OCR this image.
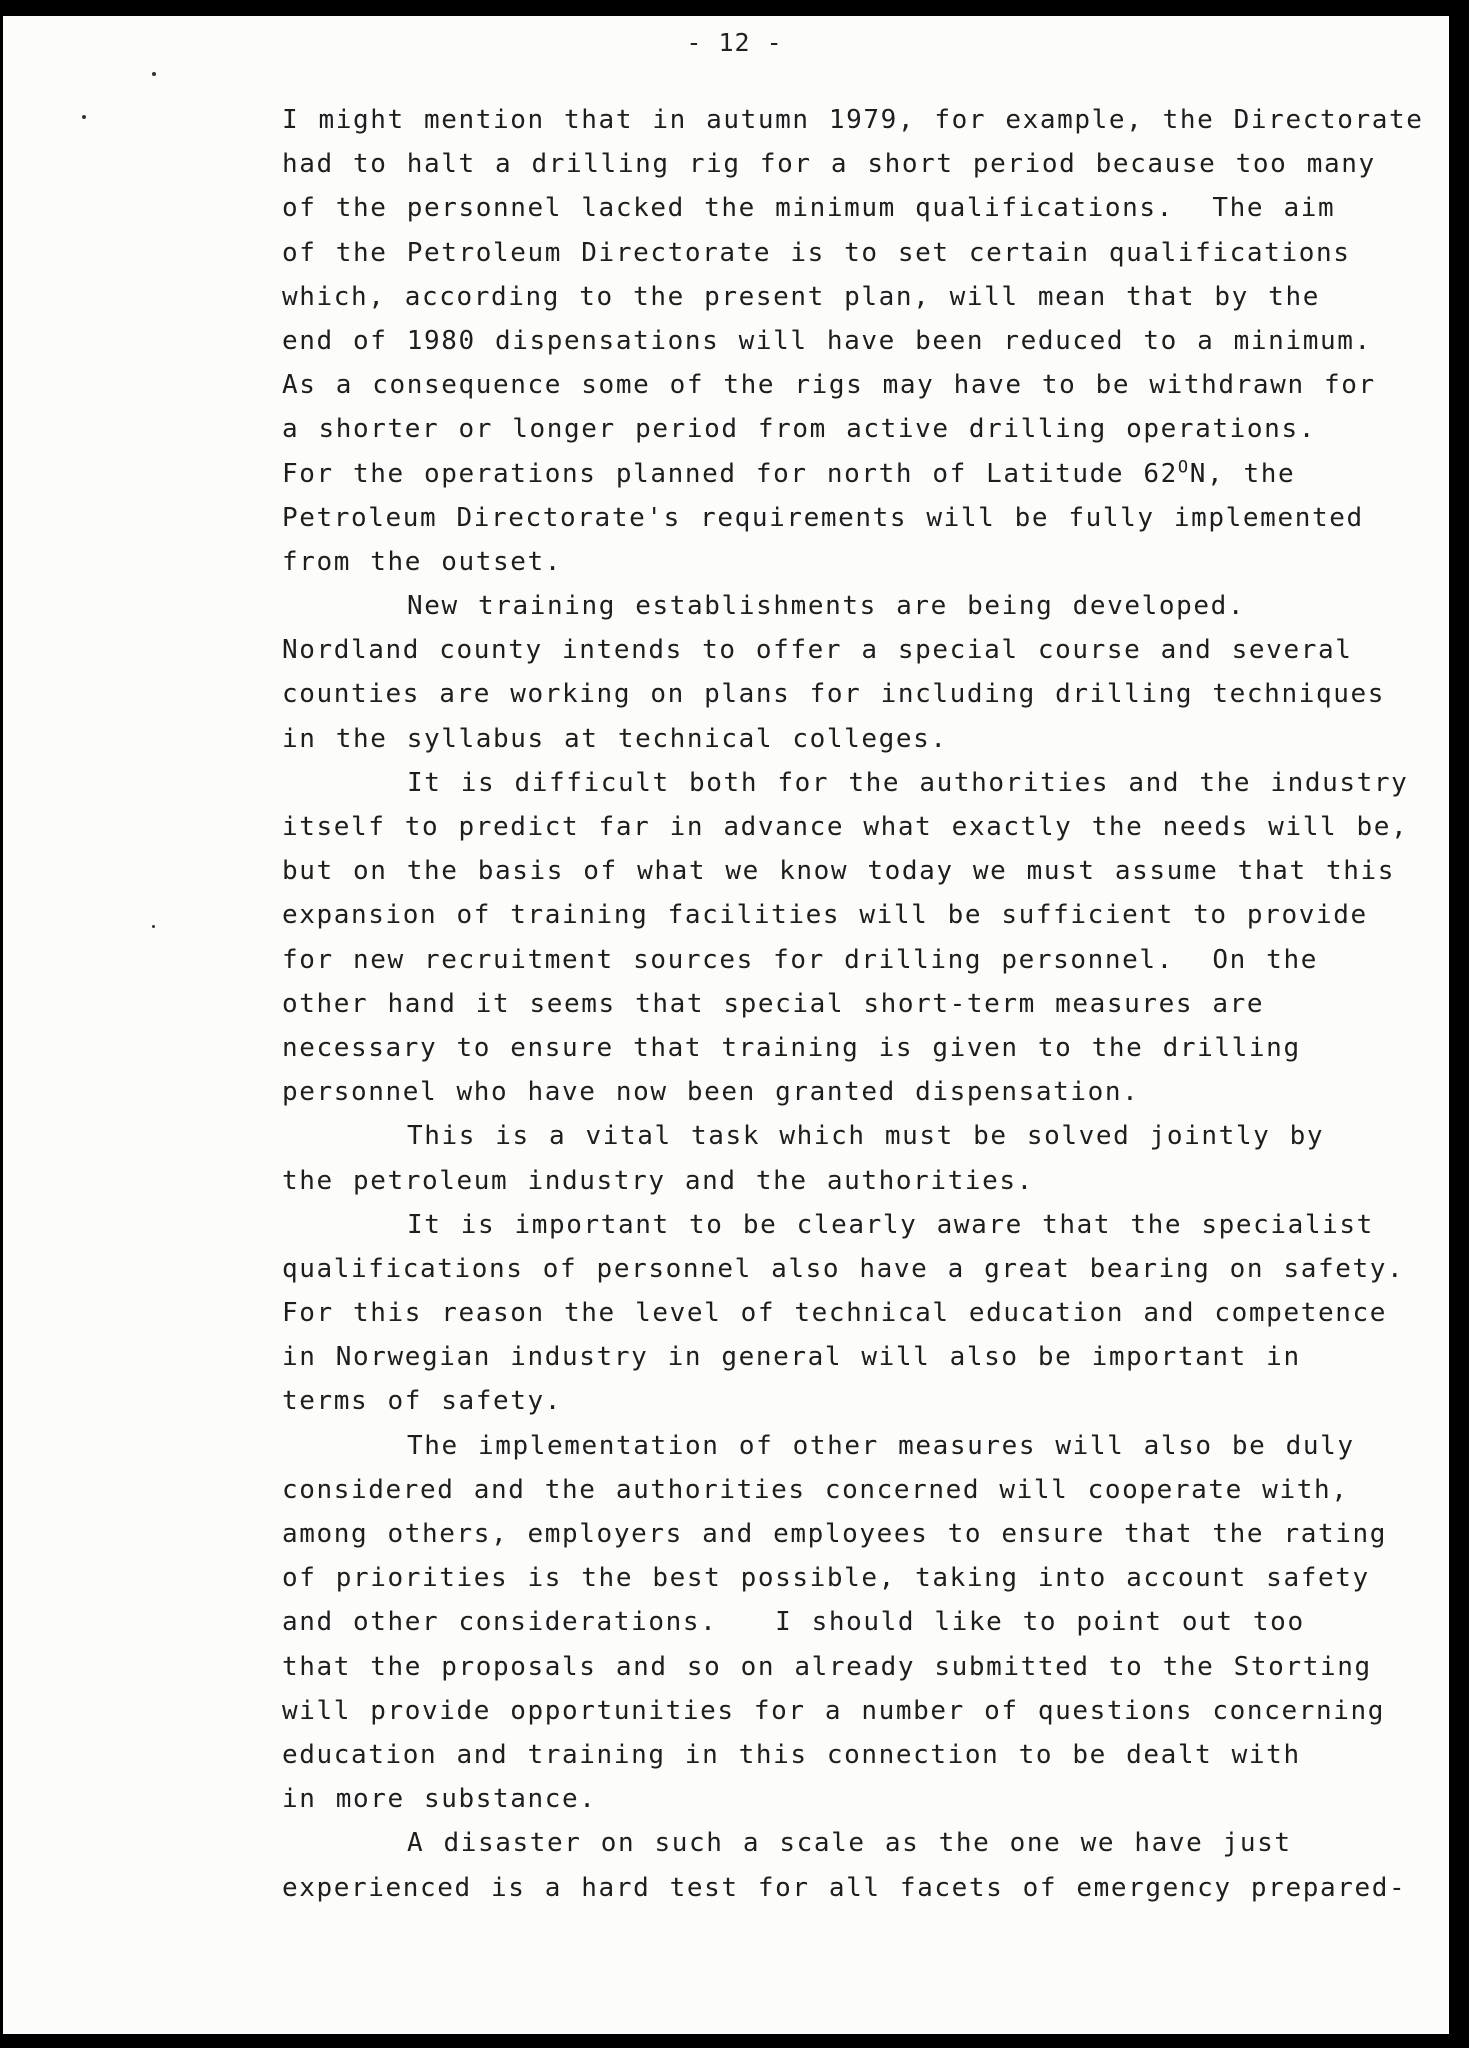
- 12 -
I might mention that in autumn 1979, for example, the Directorate
had to halt a drilling rig for a short period because too many
of the personnel lacked the minimum qualifications.  The aim
of the Petroleum Directorate is to set certain qualifications
which, according to the present plan, will mean that by the
end of 1980 dispensations will have been reduced to a minimum.
As a consequence some of the rigs may have to be withdrawn for
a shorter or longer period from active drilling operations.
For the operations planned for north of Latitude $62^ON$, the
Petroleum Directorate's requirements will be fully implemented
from the outset.
New training establishments are being developed.
Nordland county intends to offer a special course and several
counties are working on plans for including drilling techniques
in the syllabus at technical colleges.
It is difficult both for the authorities and the industry
itself to predict far in advance what exactly the needs will be,
but on the basis of what we know today we must assume that this
expansion of training facilities will be sufficient to provide
for new recruitment sources for drilling personnel.  On the
other hand it seems that special short-term measures are
necessary to ensure that training is given to the drilling
personnel who have now been granted dispensation.
This is a vital task which must be solved jointly by
the petroleum industry and the authorities.
It is important to be clearly aware that the specialist
qualifications of personnel also have a great bearing on safety.
For this reason the level of technical education and competence
in Norwegian industry in general will also be important in
terms of safety.
The implementation of other measures will also be duly
considered and the authorities concerned will cooperate with,
among others, employers and employees to ensure that the rating
of priorities is the best possible, taking into account safety
and other considerations.   I should like to point out too
that the proposals and so on already submitted to the Storting
will provide opportunities for a number of questions concerning
education and training in this connection to be dealt with
in more substance.
A disaster on such a scale as the one we have just
experienced is a hard test for all facets of emergency prepared-
